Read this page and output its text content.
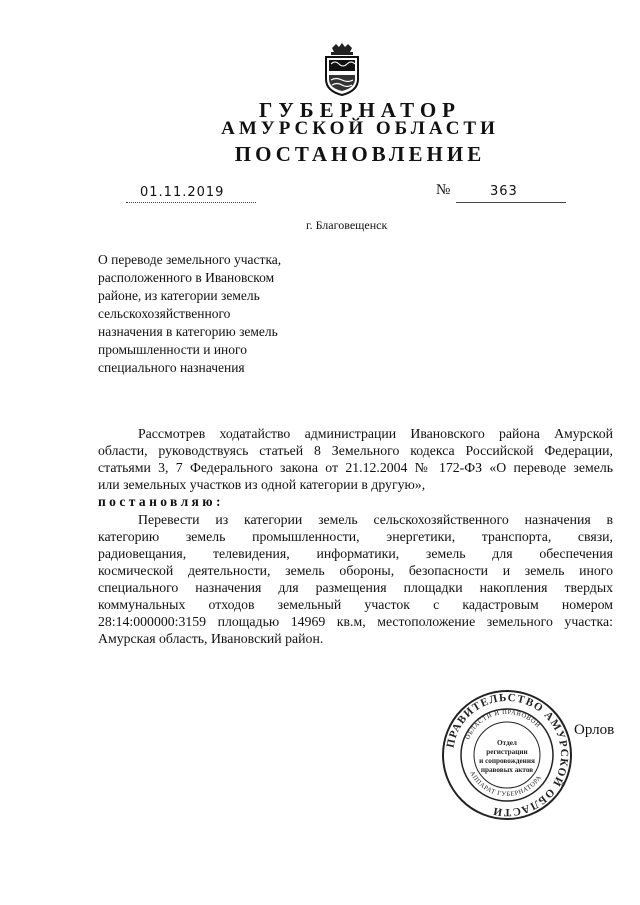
ГУБЕРНАТОР
АМУРСКОЙ ОБЛАСТИ
ПОСТАНОВЛЕНИЕ
01.11.2019	№	363
г. Благовещенск
О переводе земельного участка,
расположенного в Ивановском
районе, из категории земель
сельскохозяйственного
назначения в категорию земель
промышленности и иного
специального назначения
Рассмотрев ходатайство администрации Ивановского района Амурской
области, руководствуясь статьей 8 Земельного кодекса Российской Федерации,
статьями 3, 7 Федерального закона от 21.12.2004 № 172-ФЗ «О переводе земель
или земельных участков из одной категории в другую»,
постановляю:
Перевести из категории земель сельскохозяйственного назначения в
категорию земель промышленности, энергетики, транспорта, связи,
радиовещания, телевидения, информатики, земель для обеспечения
космической деятельности, земель обороны, безопасности и земель иного
специального назначения для размещения площадки накопления твердых
коммунальных отходов земельный участок с кадастровым номером
28:14:000000:3159 площадью 14969 кв.м, местоположение земельного участка:
Амурская область, Ивановский район.
ПРАВИТЕЛЬСТВО АМУРСКОЙ ОБЛАСТИ
ОБЛАСТИ И ПРАВОВОЙ
АППАРАТ ГУБЕРНАТОРА
Отдел
регистрации
и сопровождения
правовых актов
Орлов
